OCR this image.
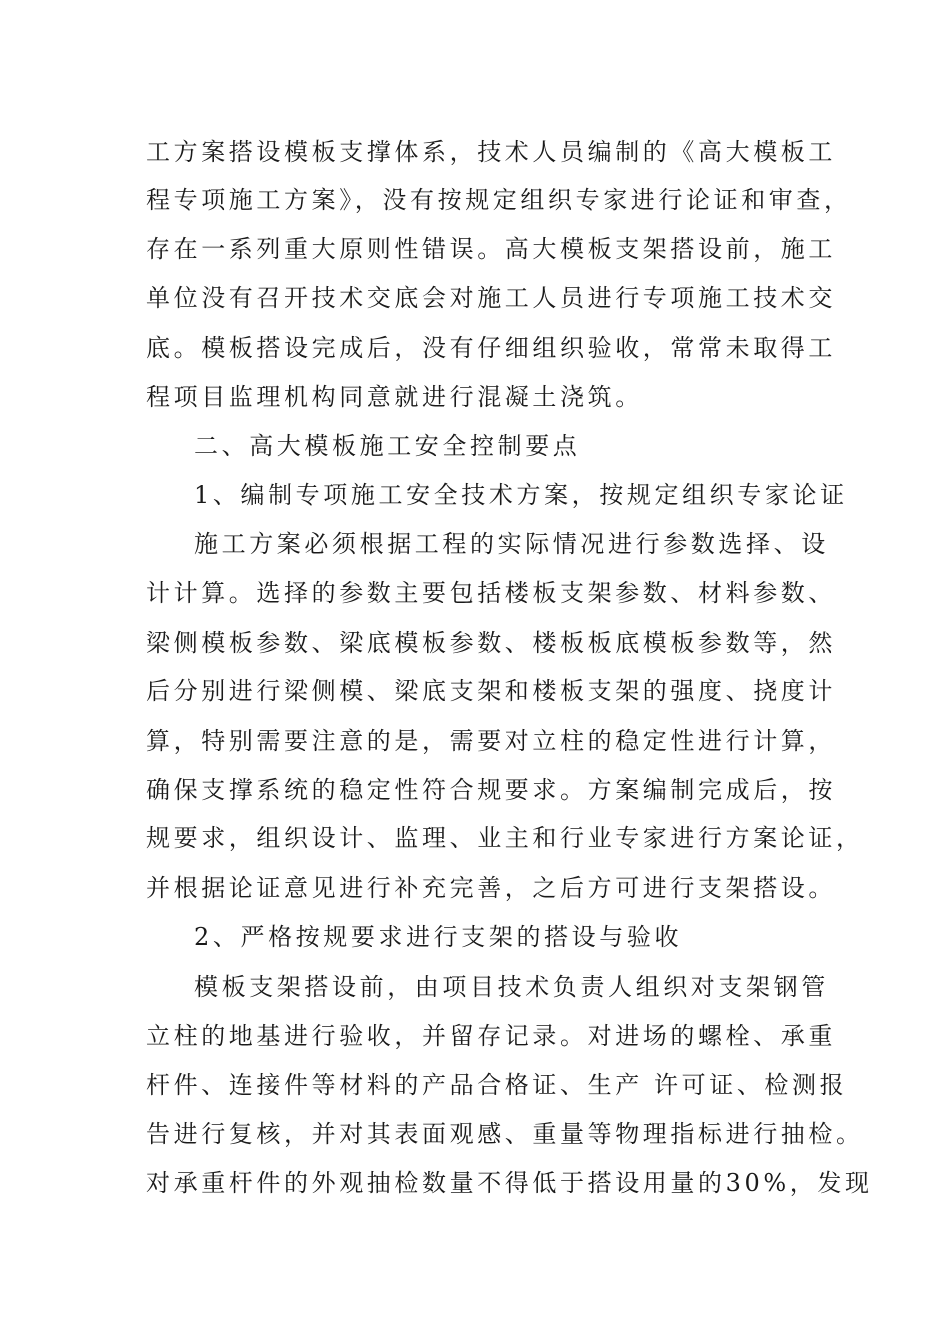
工方案搭设模板支撑体系，技术人员编制的《高大模板工
程专项施工方案》，没有按规定组织专家进行论证和审查，
存在一系列重大原则性错误。高大模板支架搭设前，施工
单位没有召开技术交底会对施工人员进行专项施工技术交
底。模板搭设完成后，没有仔细组织验收，常常未取得工
程项目监理机构同意就进行混凝土浇筑。
二、高大模板施工安全控制要点
1、编制专项施工安全技术方案，按规定组织专家论证
施工方案必须根据工程的实际情况进行参数选择、设
计计算。选择的参数主要包括楼板支架参数、材料参数、
梁侧模板参数、梁底模板参数、楼板板底模板参数等，然
后分别进行梁侧模、梁底支架和楼板支架的强度、挠度计
算，特别需要注意的是，需要对立柱的稳定性进行计算，
确保支撑系统的稳定性符合规要求。方案编制完成后，按
规要求，组织设计、监理、业主和行业专家进行方案论证，
并根据论证意见进行补充完善，之后方可进行支架搭设。
2、严格按规要求进行支架的搭设与验收
模板支架搭设前，由项目技术负责人组织对支架钢管
立柱的地基进行验收，并留存记录。对进场的螺栓、承重
杆件、连接件等材料的产品合格证、生产 许可证、检测报
告进行复核，并对其表面观感、重量等物理指标进行抽检。
对承重杆件的外观抽检数量不得低于搭设用量的30%，发现
